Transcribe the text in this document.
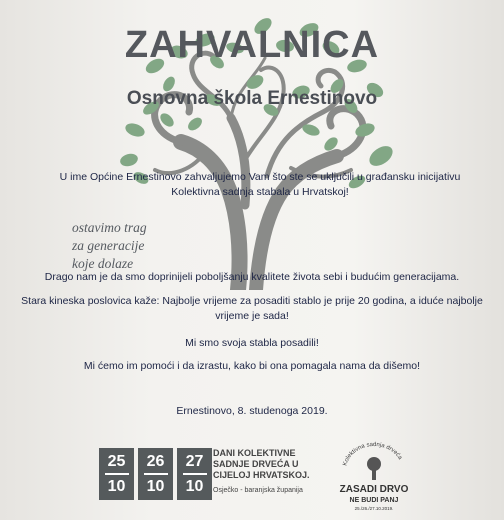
ZAHVALNICA
Osnovna škola Ernestinovo
U ime Općine Ernestinovo zahvaljujemo Vam što ste se uključili u građansku inicijativu Kolektivna sadnja stabala u Hrvatskoj!
ostavimo trag
za generacije
koje dolaze
Drago nam je da smo doprinijeli poboljšanju kvalitete života sebi i budućim generacijama.
Stara kineska poslovica kaže: Najbolje vrijeme za posaditi stablo je prije 20 godina, a iduće najbolje vrijeme je sada!
Mi smo svoja stabla posadili!
Mi ćemo im pomoći i da izrastu, kako bi ona pomagala nama da dišemo!
Ernestinovo, 8. studenoga 2019.
25
10
26
10
27
10
DANI KOLEKTIVNE
SADNJE DRVEĆA U
CIJELOJ HRVATSKOJ.
Osječko - baranjska županija
Kolektivna sadnja drveća
ZASADI DRVO
NE BUDI PANJ
25./26./27.10.2019.
